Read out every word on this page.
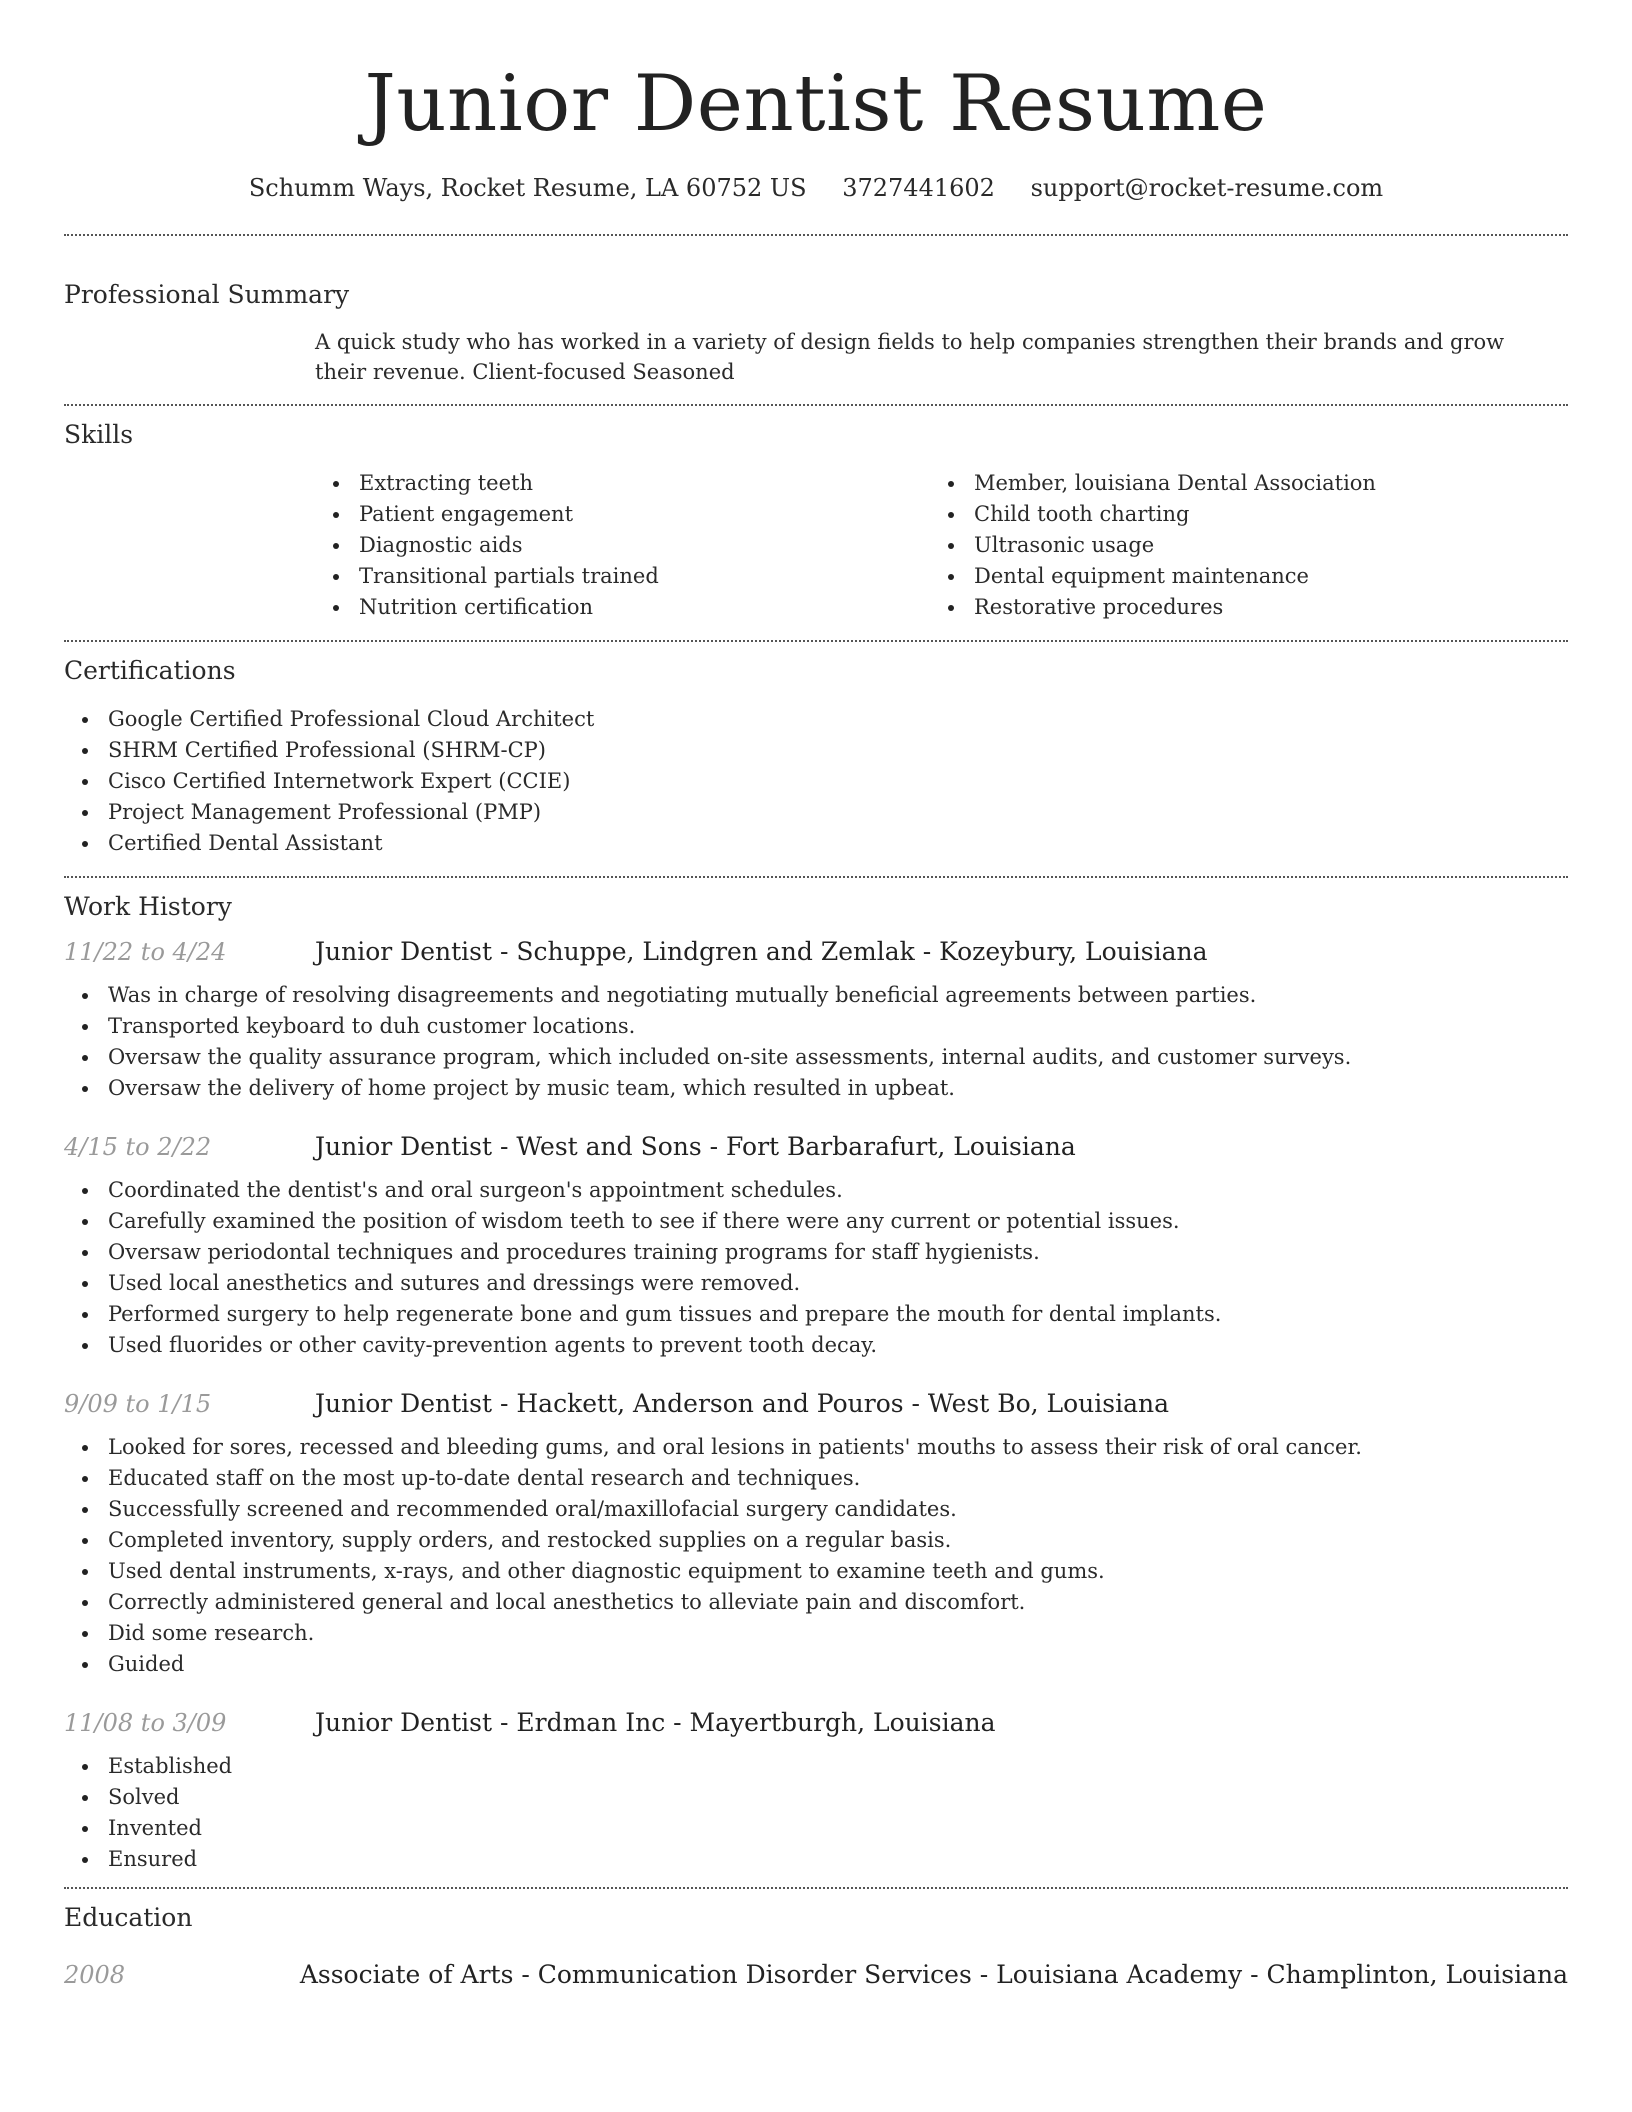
Junior Dentist Resume
Schumm Ways, Rocket Resume, LA 60752 US 3727441602 support@rocket-resume.com
Professional Summary
A quick study who has worked in a variety of design fields to help companies strengthen their brands and grow their revenue. Client-focused Seasoned
Skills
Extracting teeth
Patient engagement
Diagnostic aids
Transitional partials trained
Nutrition certification
Member, louisiana Dental Association
Child tooth charting
Ultrasonic usage
Dental equipment maintenance
Restorative procedures
Certifications
Google Certified Professional Cloud Architect
SHRM Certified Professional (SHRM-CP)
Cisco Certified Internetwork Expert (CCIE)
Project Management Professional (PMP)
Certified Dental Assistant
Work History
11/22 to 4/24	Junior Dentist - Schuppe, Lindgren and Zemlak - Kozeybury, Louisiana
Was in charge of resolving disagreements and negotiating mutually beneficial agreements between parties.
Transported keyboard to duh customer locations.
Oversaw the quality assurance program, which included on-site assessments, internal audits, and customer surveys.
Oversaw the delivery of home project by music team, which resulted in upbeat.
4/15 to 2/22	Junior Dentist - West and Sons - Fort Barbarafurt, Louisiana
Coordinated the dentist's and oral surgeon's appointment schedules.
Carefully examined the position of wisdom teeth to see if there were any current or potential issues.
Oversaw periodontal techniques and procedures training programs for staff hygienists.
Used local anesthetics and sutures and dressings were removed.
Performed surgery to help regenerate bone and gum tissues and prepare the mouth for dental implants.
Used fluorides or other cavity-prevention agents to prevent tooth decay.
9/09 to 1/15	Junior Dentist - Hackett, Anderson and Pouros - West Bo, Louisiana
Looked for sores, recessed and bleeding gums, and oral lesions in patients' mouths to assess their risk of oral cancer.
Educated staff on the most up-to-date dental research and techniques.
Successfully screened and recommended oral/maxillofacial surgery candidates.
Completed inventory, supply orders, and restocked supplies on a regular basis.
Used dental instruments, x-rays, and other diagnostic equipment to examine teeth and gums.
Correctly administered general and local anesthetics to alleviate pain and discomfort.
Did some research.
Guided
11/08 to 3/09	Junior Dentist - Erdman Inc - Mayertburgh, Louisiana
Established
Solved
Invented
Ensured
Education
2008	Associate of Arts - Communication Disorder Services - Louisiana Academy - Champlinton, Louisiana
